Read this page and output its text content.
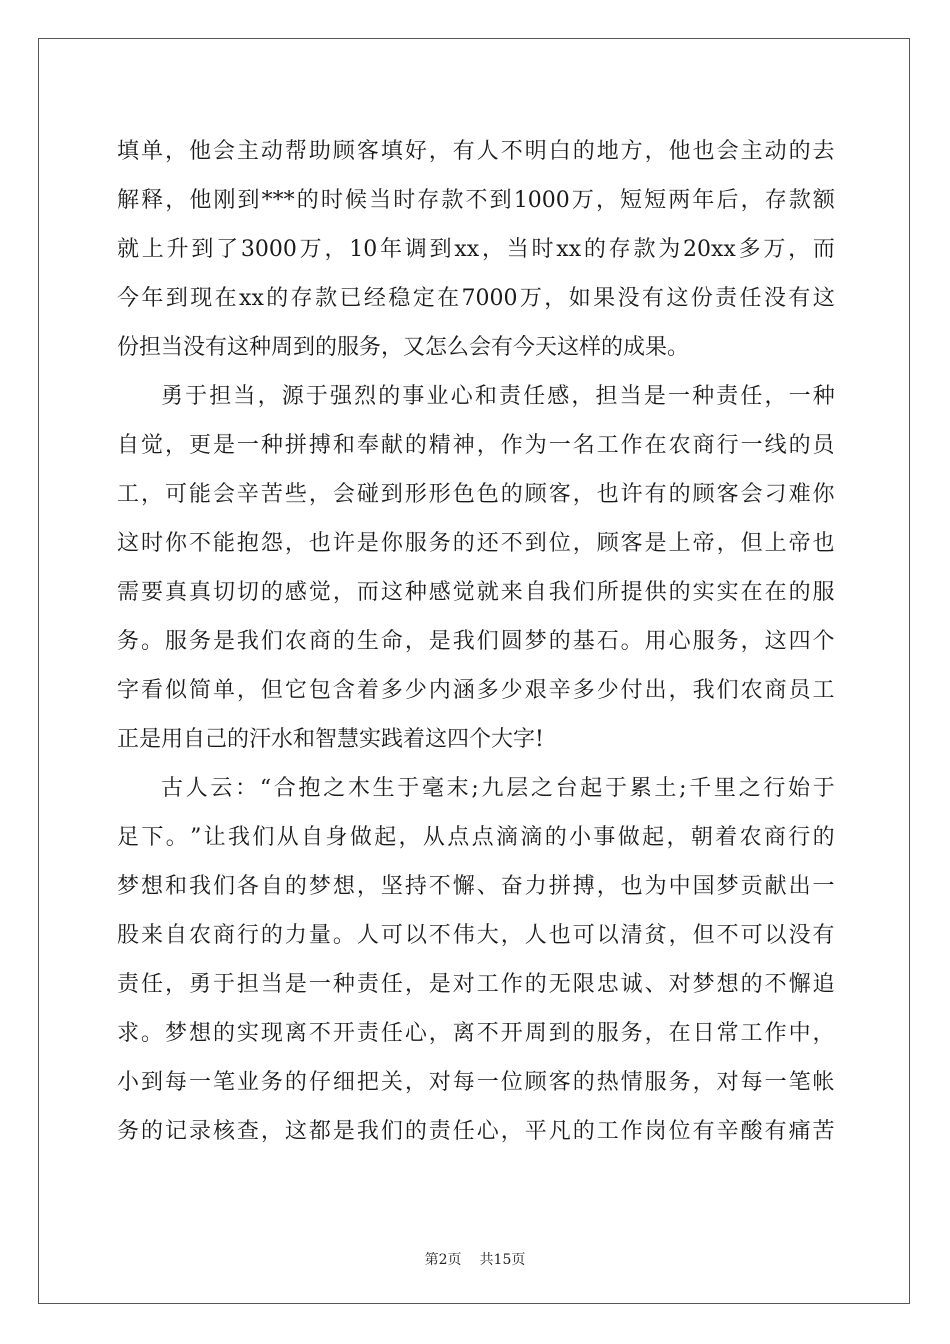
填 单 ， 他 会 主 动 帮 助 顾 客 填 好 ， 有 人 不 明 白 的 地 方 ， 他 也 会 主 动 的 去
解 释 ， 他 刚 到 *** 的 时 候 当 时 存 款 不 到 1000 万 ， 短 短 两 年 后 ， 存 款 额
就 上 升 到 了 3000 万 ， 10 年 调 到 xx ， 当 时 xx 的 存 款 为 20xx 多 万 ， 而
今 年 到 现 在 xx 的 存 款 已 经 稳 定 在 7000 万 ， 如 果 没 有 这 份 责 任 没 有 这
份担当没有这种周到的服务，又怎么会有今天这样的成果。
勇 于 担 当 ， 源 于 强 烈 的 事 业 心 和 责 任 感 ， 担 当 是 一 种 责 任 ， 一 种
自 觉 ， 更 是 一 种 拼 搏 和 奉 献 的 精 神 ， 作 为 一 名 工 作 在 农 商 行 一 线 的 员
工 ， 可 能 会 辛 苦 些 ， 会 碰 到 形 形 色 色 的 顾 客 ， 也 许 有 的 顾 客 会 刁 难 你
这 时 你 不 能 抱 怨 ， 也 许 是 你 服 务 的 还 不 到 位 ， 顾 客 是 上 帝 ， 但 上 帝 也
需 要 真 真 切 切 的 感 觉 ， 而 这 种 感 觉 就 来 自 我 们 所 提 供 的 实 实 在 在 的 服
务 。 服 务 是 我 们 农 商 的 生 命 ， 是 我 们 圆 梦 的 基 石 。 用 心 服 务 ， 这 四 个
字 看 似 简 单 ， 但 它 包 含 着 多 少 内 涵 多 少 艰 辛 多 少 付 出 ， 我 们 农 商 员 工
正是用自己的汗水和智慧实践着这四个大字!
古 人 云 ： “ 合 抱 之 木 生 于 毫 末 ; 九 层 之 台 起 于 累 土 ; 千 里 之 行 始 于
足 下 。 ” 让 我 们 从 自 身 做 起 ， 从 点 点 滴 滴 的 小 事 做 起 ， 朝 着 农 商 行 的
梦 想 和 我 们 各 自 的 梦 想 ， 坚 持 不 懈 、 奋 力 拼 搏 ， 也 为 中 国 梦 贡 献 出 一
股 来 自 农 商 行 的 力 量 。 人 可 以 不 伟 大 ， 人 也 可 以 清 贫 ， 但 不 可 以 没 有
责 任 ， 勇 于 担 当 是 一 种 责 任 ， 是 对 工 作 的 无 限 忠 诚 、 对 梦 想 的 不 懈 追
求 。 梦 想 的 实 现 离 不 开 责 任 心 ， 离 不 开 周 到 的 服 务 ， 在 日 常 工 作 中 ，
小 到 每 一 笔 业 务 的 仔 细 把 关 ， 对 每 一 位 顾 客 的 热 情 服 务 ， 对 每 一 笔 帐
务 的 记 录 核 查 ， 这 都 是 我 们 的 责 任 心 ， 平 凡 的 工 作 岗 位 有 辛 酸 有 痛 苦
第2页 共15页
